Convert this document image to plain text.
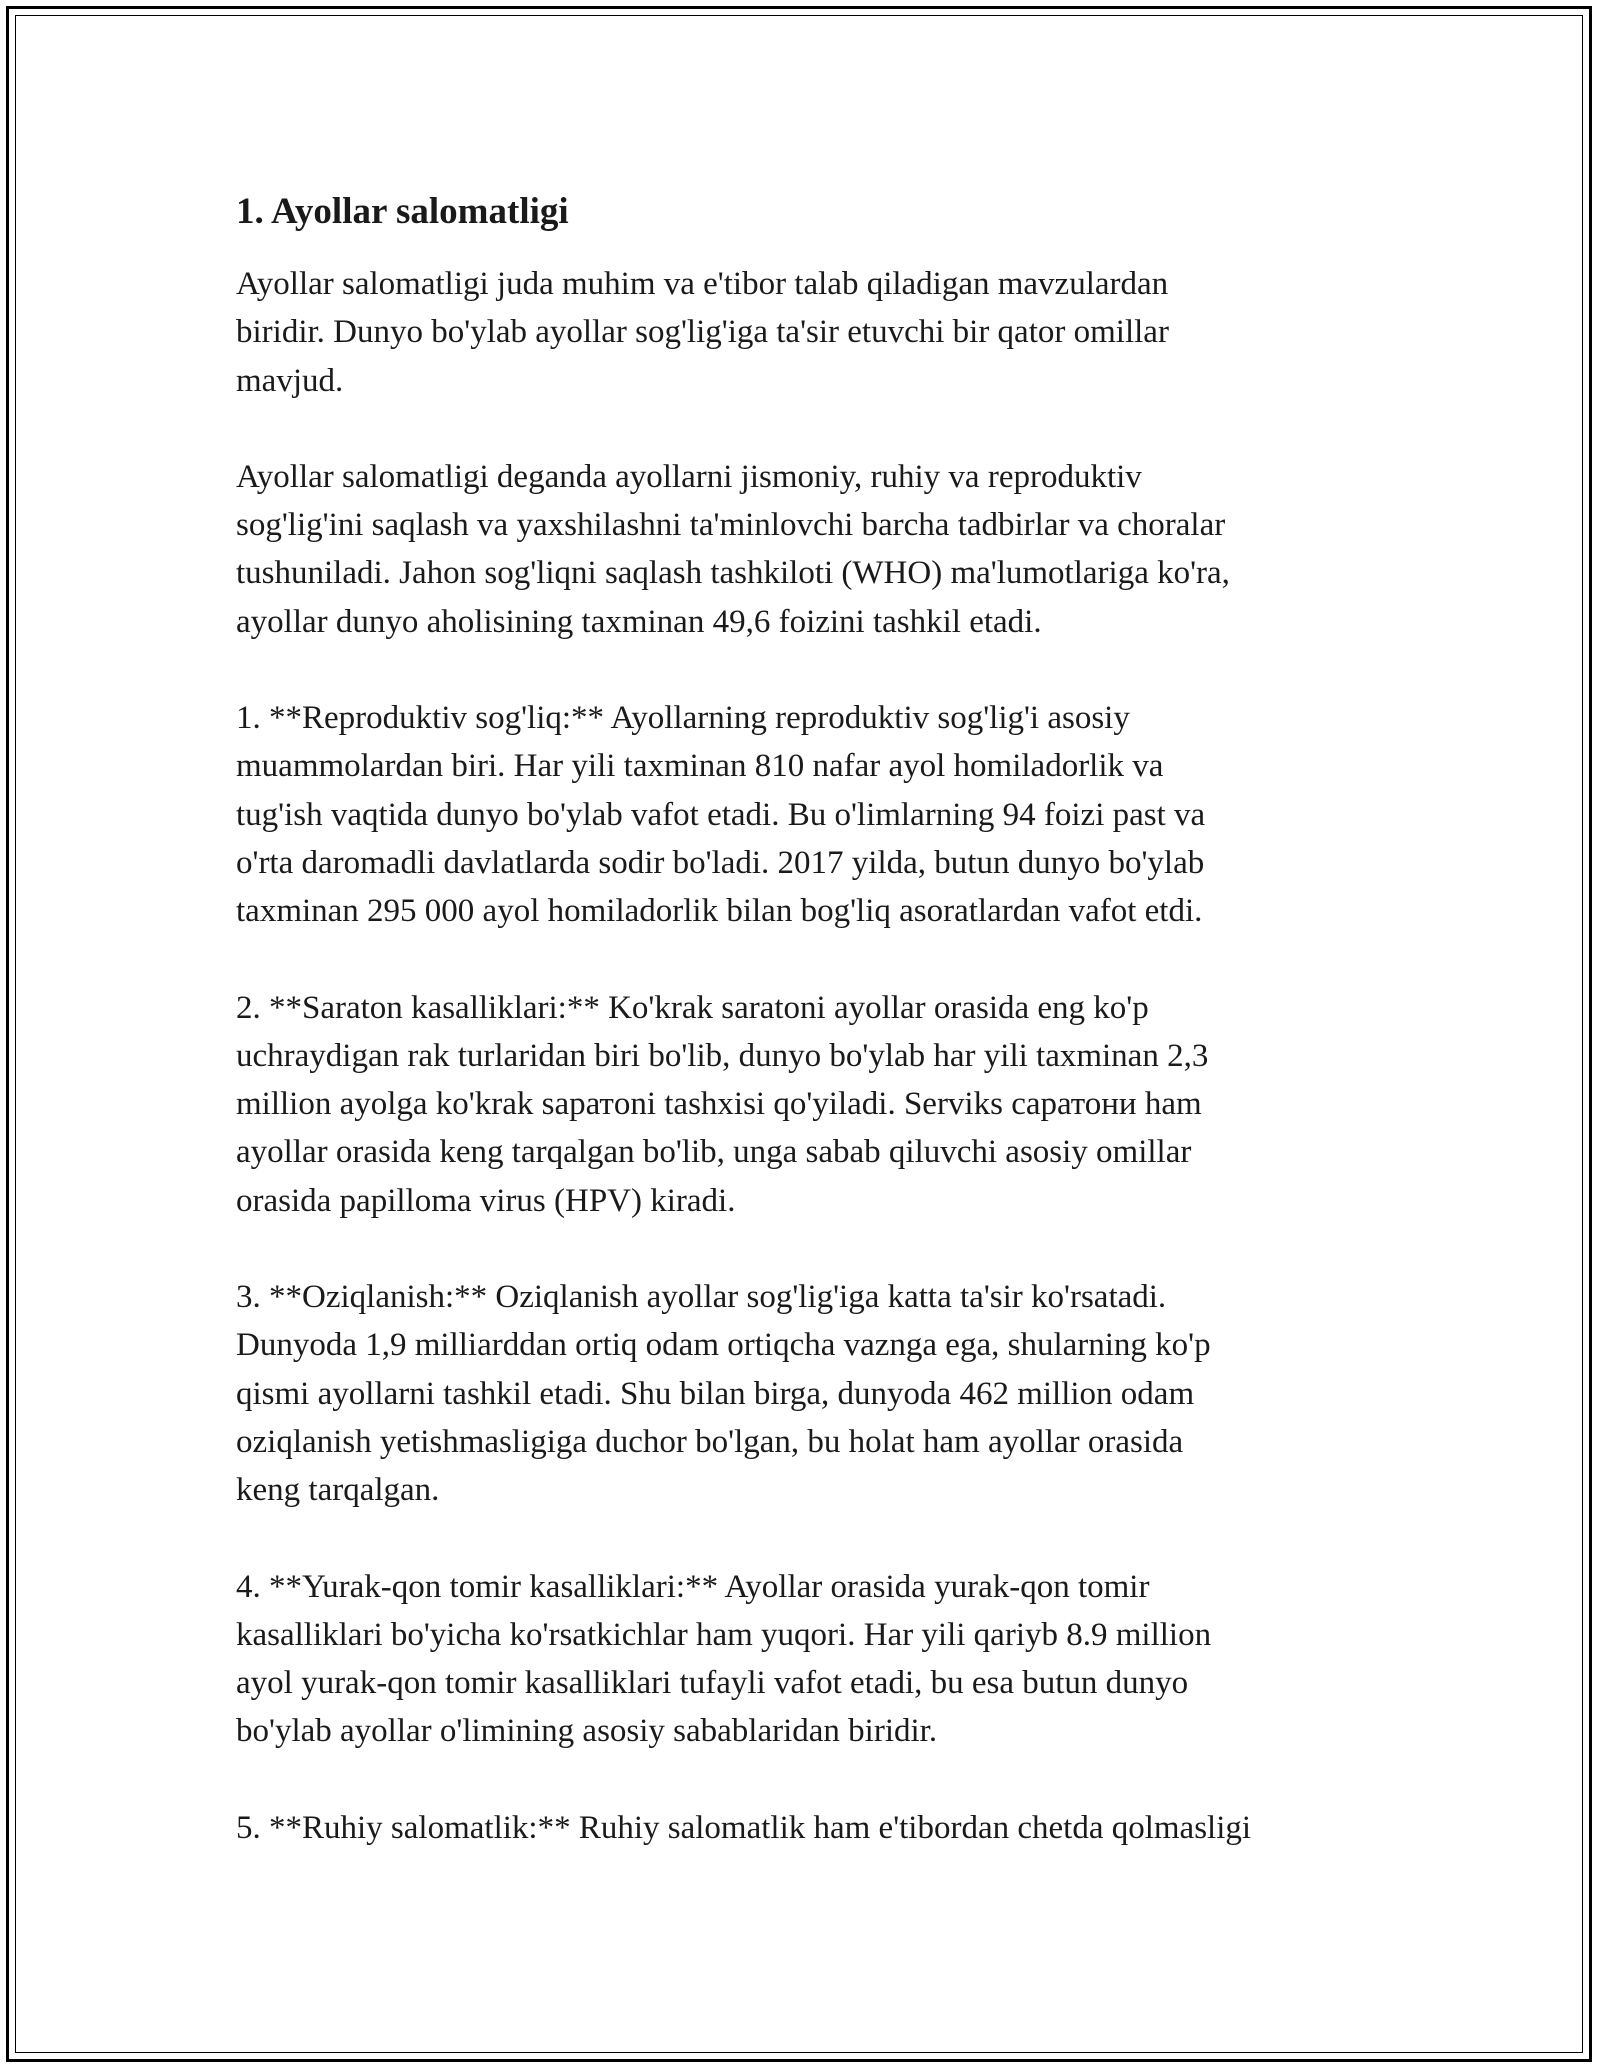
1. Ayollar salomatligi

Ayollar salomatligi juda muhim va e'tibor talab qiladigan mavzulardan
biridir. Dunyo bo'ylab ayollar sog'lig'iga ta'sir etuvchi bir qator omillar
mavjud.

Ayollar salomatligi deganda ayollarni jismoniy, ruhiy va reproduktiv
sog'lig'ini saqlash va yaxshilashni ta'minlovchi barcha tadbirlar va choralar
tushuniladi. Jahon sog'liqni saqlash tashkiloti (WHO) ma'lumotlariga ko'ra,
ayollar dunyo aholisining taxminan 49,6 foizini tashkil etadi.

1. **Reproduktiv sog'liq:** Ayollarning reproduktiv sog'lig'i asosiy
muammolardan biri. Har yili taxminan 810 nafar ayol homiladorlik va
tug'ish vaqtida dunyo bo'ylab vafot etadi. Bu o'limlarning 94 foizi past va
o'rta daromadli davlatlarda sodir bo'ladi. 2017 yilda, butun dunyo bo'ylab
taxminan 295 000 ayol homiladorlik bilan bog'liq asoratlardan vafot etdi.

2. **Saraton kasalliklari:** Ko'krak saratoni ayollar orasida eng ko'p
uchraydigan rak turlaridan biri bo'lib, dunyo bo'ylab har yili taxminan 2,3
million ayolga ko'krak sapатoni tashxisi qo'yiladi. Serviks сapатони ham
ayollar orasida keng tarqalgan bo'lib, unga sabab qiluvchi asosiy omillar
orasida papilloma virus (HPV) kiradi.

3. **Oziqlanish:** Oziqlanish ayollar sog'lig'iga katta ta'sir ko'rsatadi.
Dunyoda 1,9 milliarddan ortiq odam ortiqcha vaznga ega, shularning ko'p
qismi ayollarni tashkil etadi. Shu bilan birga, dunyoda 462 million odam
oziqlanish yetishmasligiga duchor bo'lgan, bu holat ham ayollar orasida
keng tarqalgan.

4. **Yurak-qon tomir kasalliklari:** Ayollar orasida yurak-qon tomir
kasalliklari bo'yicha ko'rsatkichlar ham yuqori. Har yili qariyb 8.9 million
ayol yurak-qon tomir kasalliklari tufayli vafot etadi, bu esa butun dunyo
bo'ylab ayollar o'limining asosiy sabablaridan biridir.

5. **Ruhiy salomatlik:** Ruhiy salomatlik ham e'tibordan chetda qolmasligi
